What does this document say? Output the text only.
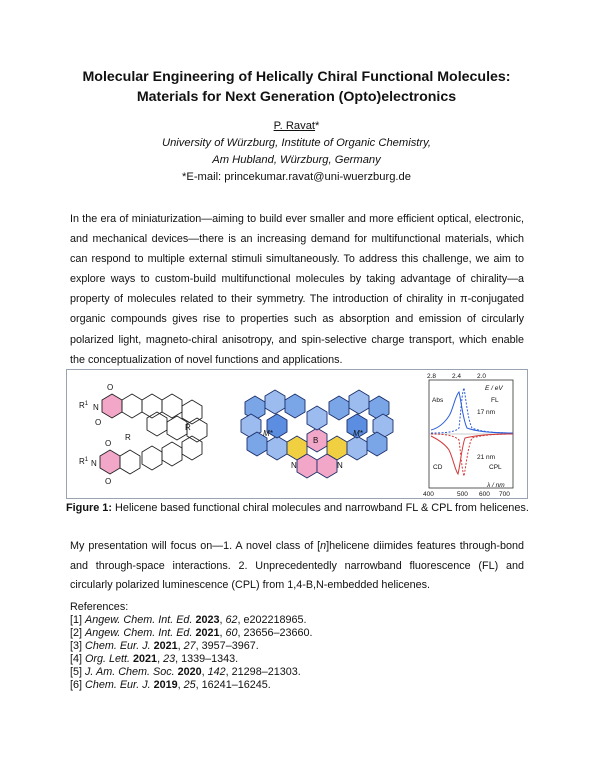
Molecular Engineering of Helically Chiral Functional Molecules:
Materials for Next Generation (Opto)electronics
P. Ravat*
University of Würzburg, Institute of Organic Chemistry,
Am Hubland, Würzburg, Germany
*E-mail: princekumar.ravat@uni-wuerzburg.de
In the era of miniaturization—aiming to build ever smaller and more efficient optical, electronic, and mechanical devices—there is an increasing demand for multifunctional materials, which can respond to multiple external stimuli simultaneously. To address this challenge, we aim to explore ways to custom-build multifunctional molecules by taking advantage of chirality—a property of molecules related to their symmetry. The introduction of chirality in π-conjugated organic compounds gives rise to properties such as absorption and emission of circularly polarized light, magneto-chiral anisotropy, and spin-selective charge transport, which enable the conceptualization of novel functions and applications.
$R^1$ N
O
O
R
R
O
$R^1$ N
O
M*	M*
B
N	N
2.8 2.4 2.0
E / eV
400	500 600 700
λ / nm
Abs	FL
17 nm
21 nm
CD	CPL
Figure 1: Helicene based functional chiral molecules and narrowband FL & CPL from helicenes.
My presentation will focus on—1. A novel class of [n]helicene diimides features through-bond and through-space interactions. 2. Unprecedentedly narrowband fluorescence (FL) and circularly polarized luminescence (CPL) from 1,4-B,N-embedded helicenes.
References:
[1] Angew. Chem. Int. Ed. 2023, 62, e202218965.
[2] Angew. Chem. Int. Ed. 2021, 60, 23656–23660.
[3] Chem. Eur. J. 2021, 27, 3957–3967.
[4] Org. Lett. 2021, 23, 1339–1343.
[5] J. Am. Chem. Soc. 2020, 142, 21298–21303.
[6] Chem. Eur. J. 2019, 25, 16241–16245.
